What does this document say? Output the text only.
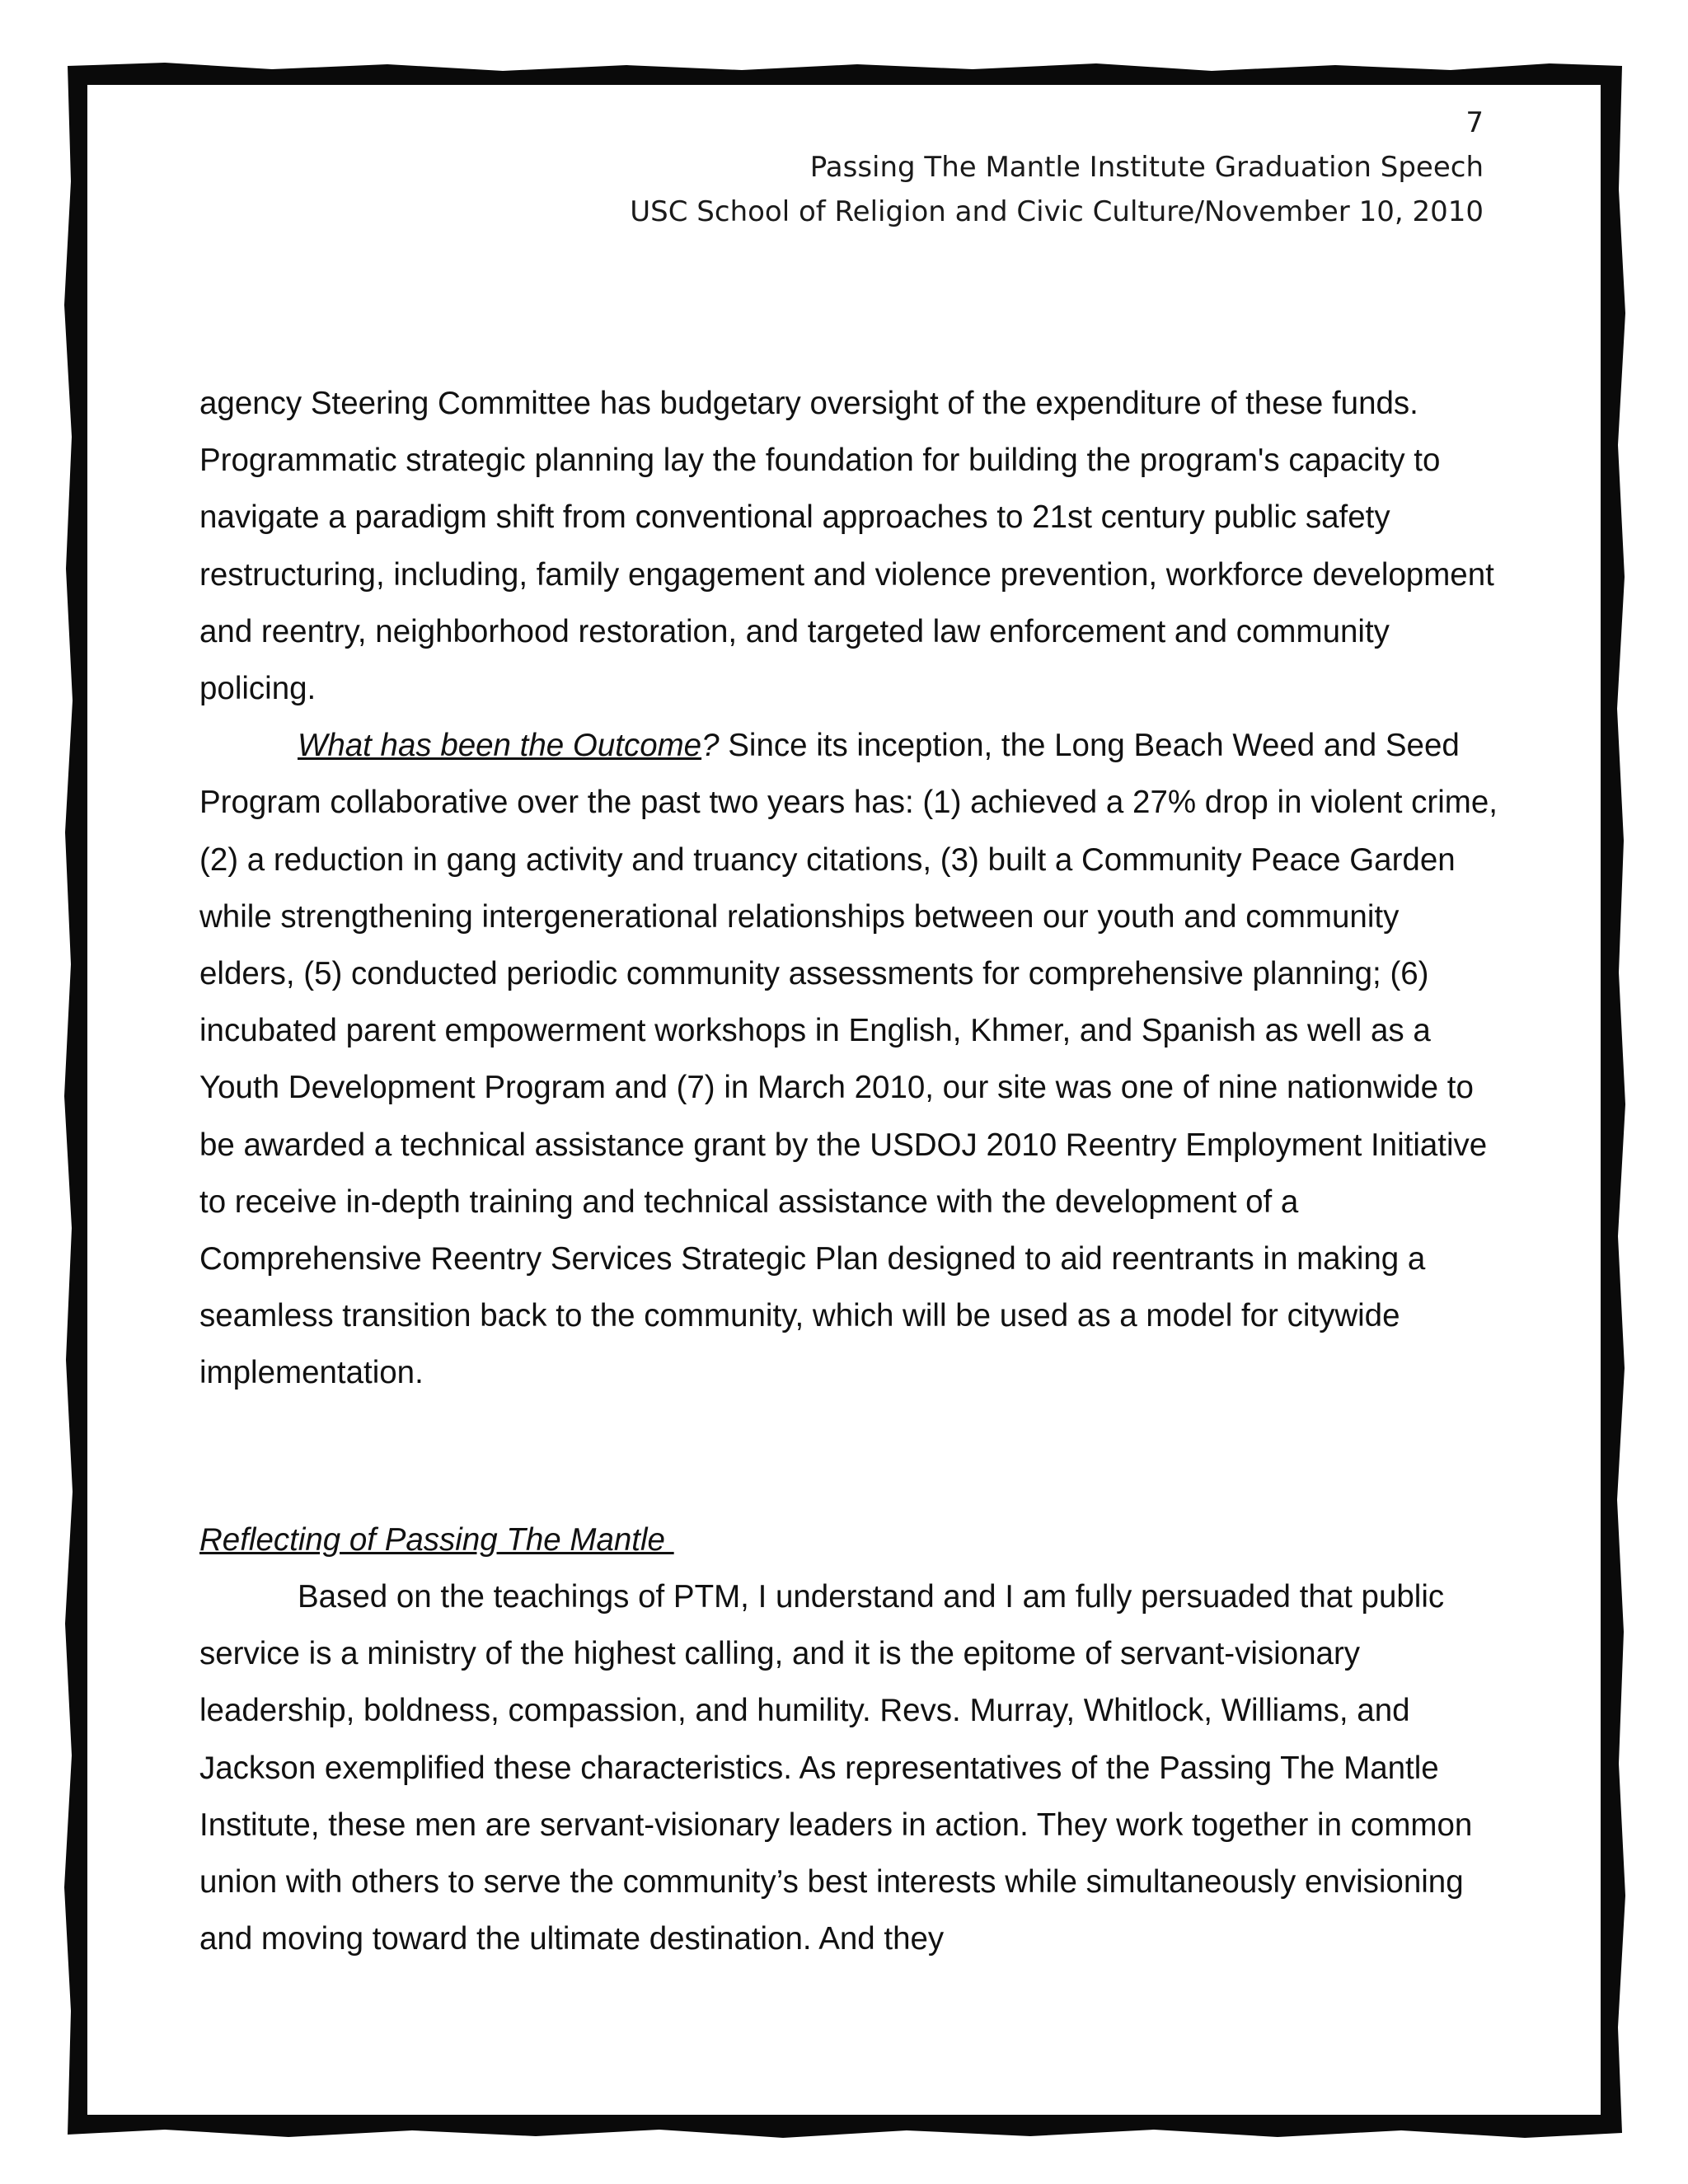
7
Passing The Mantle Institute Graduation Speech
USC School of Religion and Civic Culture/November 10, 2010

agency Steering Committee has budgetary oversight of the expenditure of these funds. Programmatic strategic planning lay the foundation for building the program's capacity to navigate a paradigm shift from conventional approaches to 21st century public safety restructuring, including, family engagement and violence prevention, workforce development and reentry, neighborhood restoration, and targeted law enforcement and community policing.

What has been the Outcome? Since its inception, the Long Beach Weed and Seed Program collaborative over the past two years has: (1) achieved a 27% drop in violent crime, (2) a reduction in gang activity and truancy citations, (3) built a Community Peace Garden while strengthening intergenerational relationships between our youth and community elders, (5) conducted periodic community assessments for comprehensive planning; (6) incubated parent empowerment workshops in English, Khmer, and Spanish as well as a Youth Development Program and (7) in March 2010, our site was one of nine nationwide to be awarded a technical assistance grant by the USDOJ 2010 Reentry Employment Initiative to receive in-depth training and technical assistance with the development of a Comprehensive Reentry Services Strategic Plan designed to aid reentrants in making a seamless transition back to the community, which will be used as a model for citywide implementation.

Reflecting of Passing The Mantle

Based on the teachings of PTM, I understand and I am fully persuaded that public service is a ministry of the highest calling, and it is the epitome of servant-visionary leadership, boldness, compassion, and humility. Revs. Murray, Whitlock, Williams, and Jackson exemplified these characteristics. As representatives of the Passing The Mantle Institute, these men are servant-visionary leaders in action. They work together in common union with others to serve the community’s best interests while simultaneously envisioning and moving toward the ultimate destination. And they
